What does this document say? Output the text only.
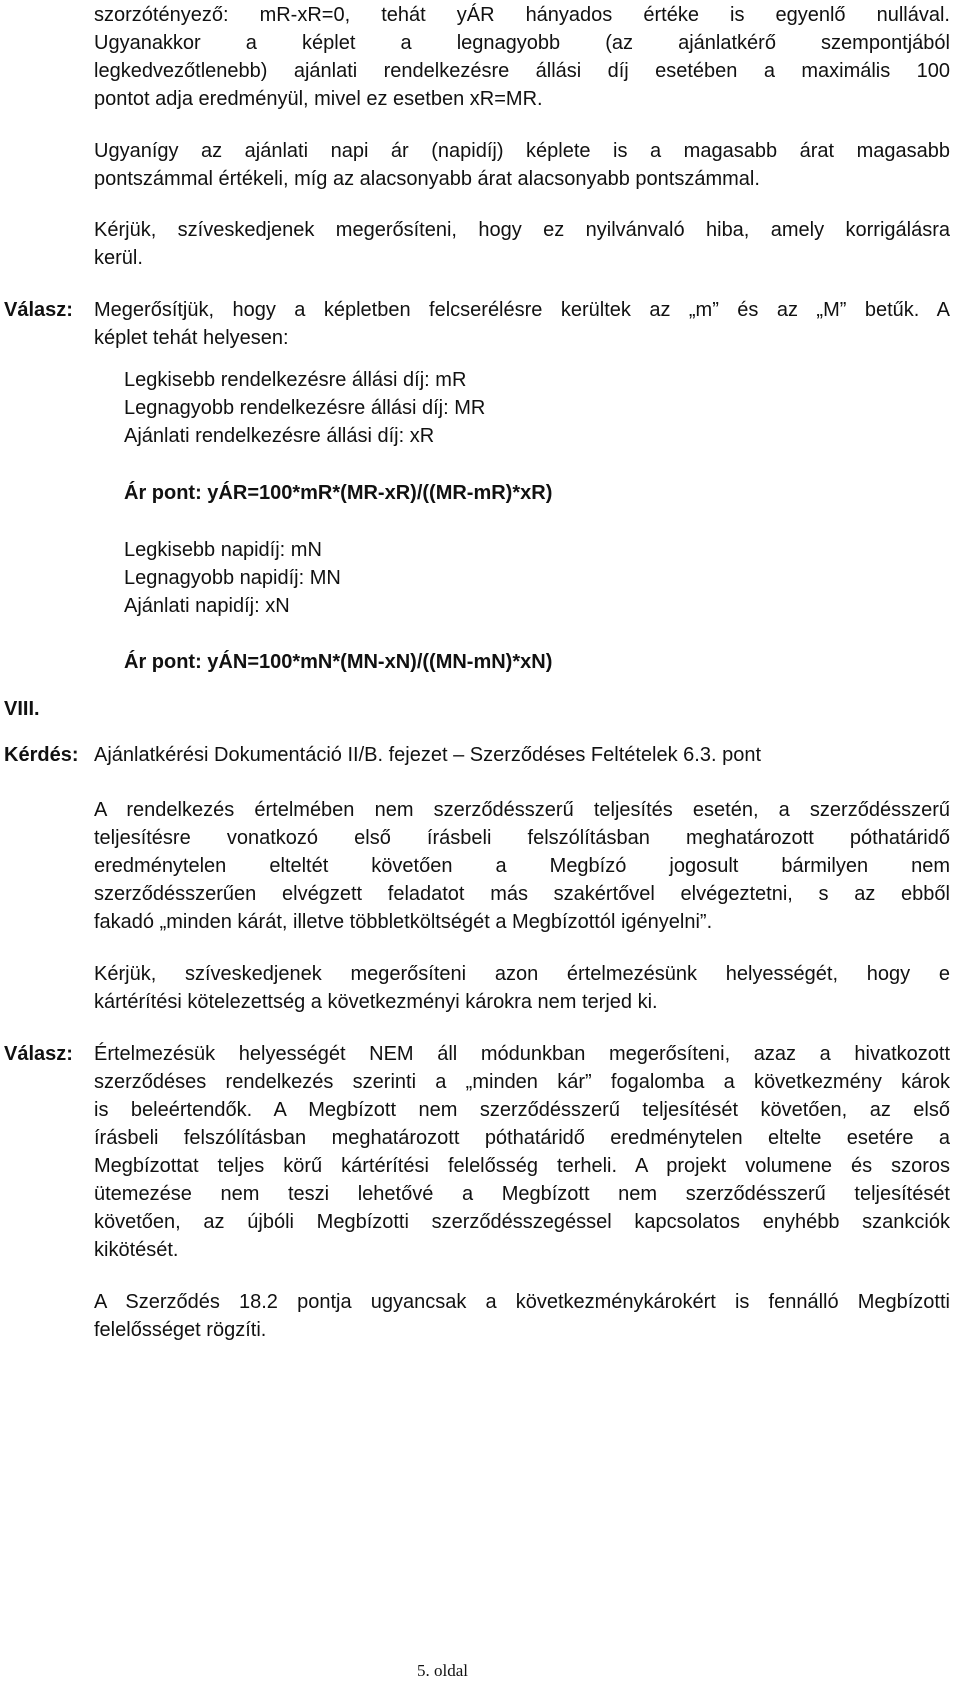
szorzótényező: mR-xR=0, tehát yÁR hányados értéke is egyenlő nullával.
Ugyanakkor a képlet a legnagyobb (az ajánlatkérő szempontjából
legkedvezőtlenebb) ajánlati rendelkezésre állási díj esetében a maximális 100
pontot adja eredményül, mivel ez esetben xR=MR.
Ugyanígy az ajánlati napi ár (napidíj) képlete is a magasabb árat magasabb
pontszámmal értékeli, míg az alacsonyabb árat alacsonyabb pontszámmal.
Kérjük, szíveskedjenek megerősíteni, hogy ez nyilvánvaló hiba, amely korrigálásra
kerül.
Válasz: Megerősítjük, hogy a képletben felcserélésre kerültek az „m” és az „M” betűk. A
képlet tehát helyesen:
Legkisebb rendelkezésre állási díj: mR
Legnagyobb rendelkezésre állási díj: MR
Ajánlati rendelkezésre állási díj: xR
Ár pont: yÁR=100*mR*(MR-xR)/((MR-mR)*xR)
Legkisebb napidíj: mN
Legnagyobb napidíj: MN
Ajánlati napidíj: xN
Ár pont: yÁN=100*mN*(MN-xN)/((MN-mN)*xN)
VIII.
Kérdés: Ajánlatkérési Dokumentáció II/B. fejezet – Szerződéses Feltételek 6.3. pont
A rendelkezés értelmében nem szerződésszerű teljesítés esetén, a szerződésszerű
teljesítésre vonatkozó első írásbeli felszólításban meghatározott póthatáridő
eredménytelen elteltét követően a Megbízó jogosult bármilyen nem
szerződésszerűen elvégzett feladatot más szakértővel elvégeztetni, s az ebből
fakadó „minden kárát, illetve többletköltségét a Megbízottól igényelni”.
Kérjük, szíveskedjenek megerősíteni azon értelmezésünk helyességét, hogy e
kártérítési kötelezettség a következményi károkra nem terjed ki.
Válasz: Értelmezésük helyességét NEM áll módunkban megerősíteni, azaz a hivatkozott
szerződéses rendelkezés szerinti a „minden kár” fogalomba a következmény károk
is beleértendők. A Megbízott nem szerződésszerű teljesítését követően, az első
írásbeli felszólításban meghatározott póthatáridő eredménytelen elteltе esetére a
Megbízottat teljes körű kártérítési felelősség terheli. A projekt volumene és szoros
ütemezése nem teszi lehetővé a Megbízott nem szerződésszerű teljesítését
követően, az újbóli Megbízotti szerződésszegéssel kapcsolatos enyhébb szankciók
kikötését.
A Szerződés 18.2 pontja ugyancsak a következménykárokért is fennálló Megbízotti
felelősséget rögzíti.
5. oldal
